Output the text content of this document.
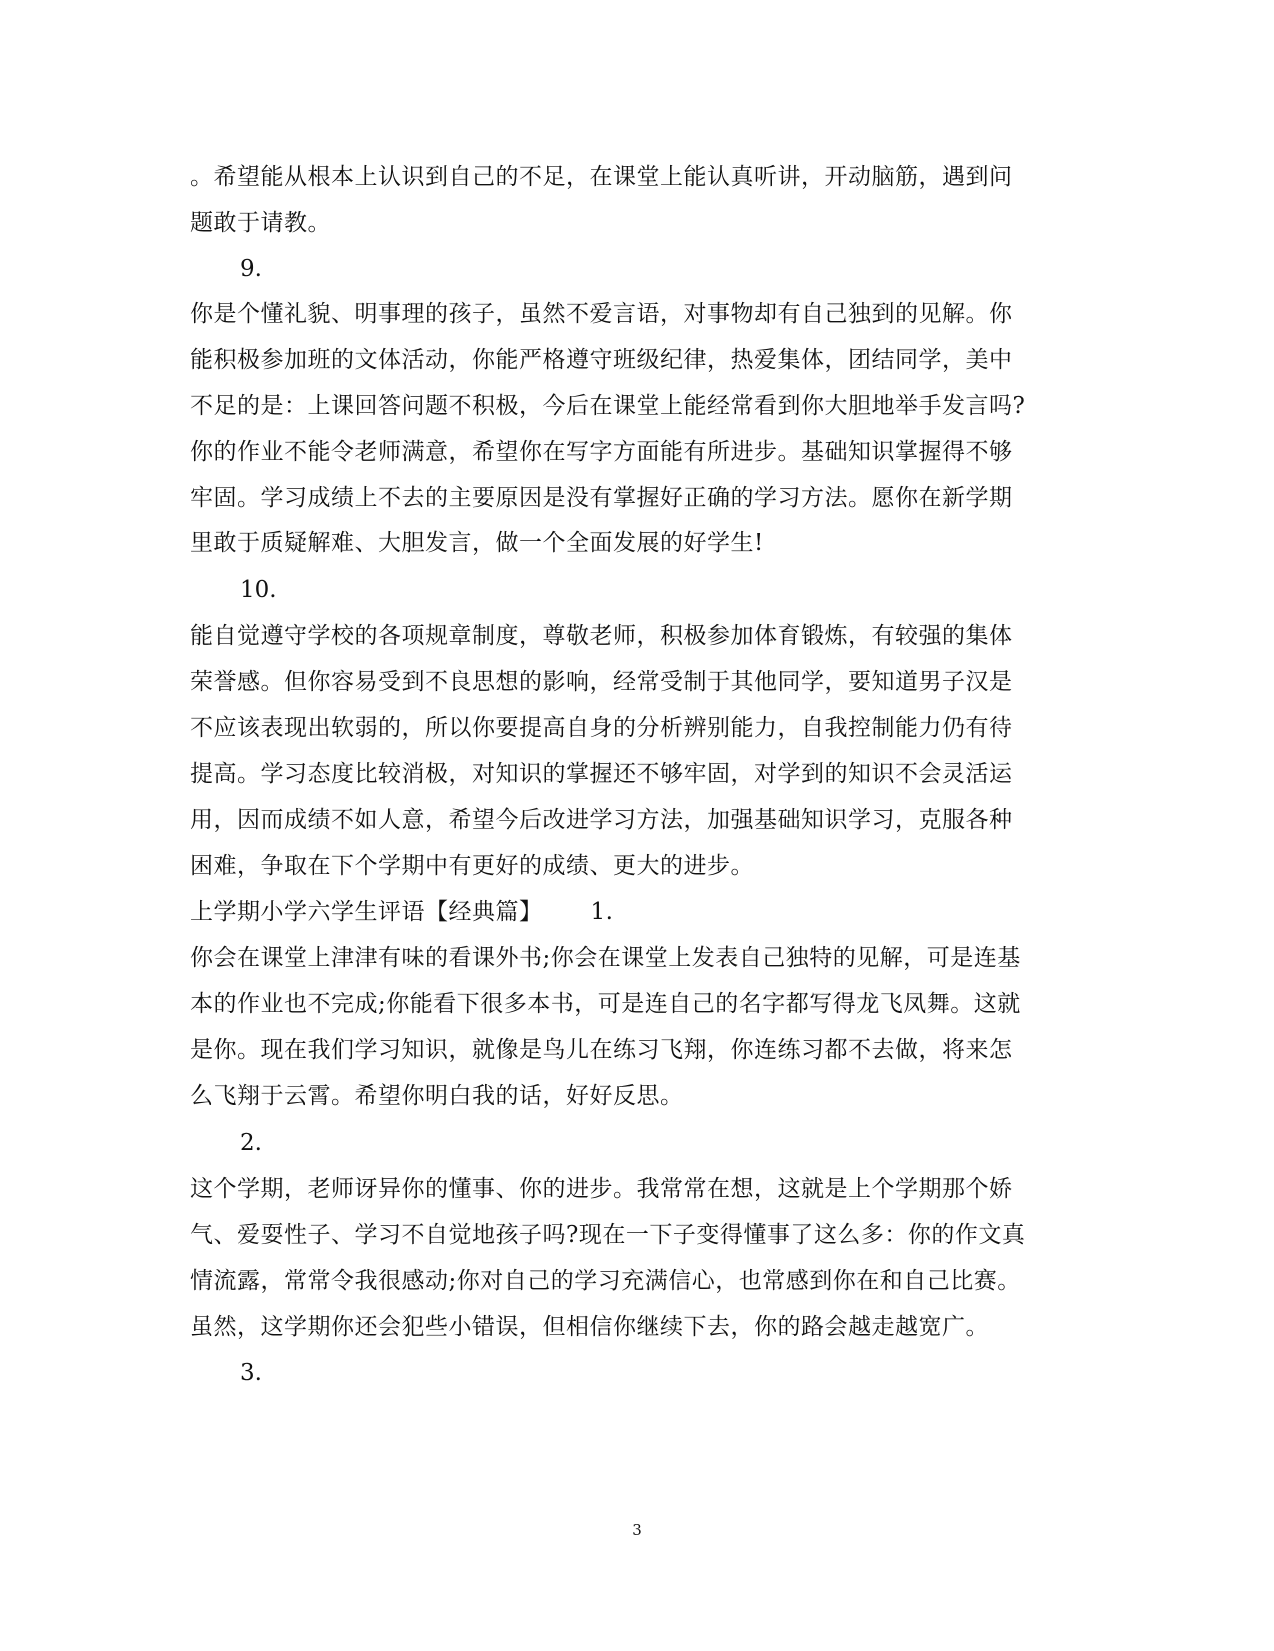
。希望能从根本上认识到自己的不足，在课堂上能认真听讲，开动脑筋，遇到问
题敢于请教。
9.
你是个懂礼貌、明事理的孩子，虽然不爱言语，对事物却有自己独到的见解。你
能积极参加班的文体活动，你能严格遵守班级纪律，热爱集体，团结同学，美中
不足的是：上课回答问题不积极，今后在课堂上能经常看到你大胆地举手发言吗?
你的作业不能令老师满意，希望你在写字方面能有所进步。基础知识掌握得不够
牢固。学习成绩上不去的主要原因是没有掌握好正确的学习方法。愿你在新学期
里敢于质疑解难、大胆发言，做一个全面发展的好学生!
10.
能自觉遵守学校的各项规章制度，尊敬老师，积极参加体育锻炼，有较强的集体
荣誉感。但你容易受到不良思想的影响，经常受制于其他同学，要知道男子汉是
不应该表现出软弱的，所以你要提高自身的分析辨别能力，自我控制能力仍有待
提高。学习态度比较消极，对知识的掌握还不够牢固，对学到的知识不会灵活运
用，因而成绩不如人意，希望今后改进学习方法，加强基础知识学习，克服各种
困难，争取在下个学期中有更好的成绩、更大的进步。
上学期小学六学生评语【经典篇】 1.
你会在课堂上津津有味的看课外书;你会在课堂上发表自己独特的见解，可是连基
本的作业也不完成;你能看下很多本书，可是连自己的名字都写得龙飞凤舞。这就
是你。现在我们学习知识，就像是鸟儿在练习飞翔，你连练习都不去做，将来怎
么飞翔于云霄。希望你明白我的话，好好反思。
2.
这个学期，老师讶异你的懂事、你的进步。我常常在想，这就是上个学期那个娇
气、爱耍性子、学习不自觉地孩子吗?现在一下子变得懂事了这么多：你的作文真
情流露，常常令我很感动;你对自己的学习充满信心，也常感到你在和自己比赛。
虽然，这学期你还会犯些小错误，但相信你继续下去，你的路会越走越宽广。
3.
3
